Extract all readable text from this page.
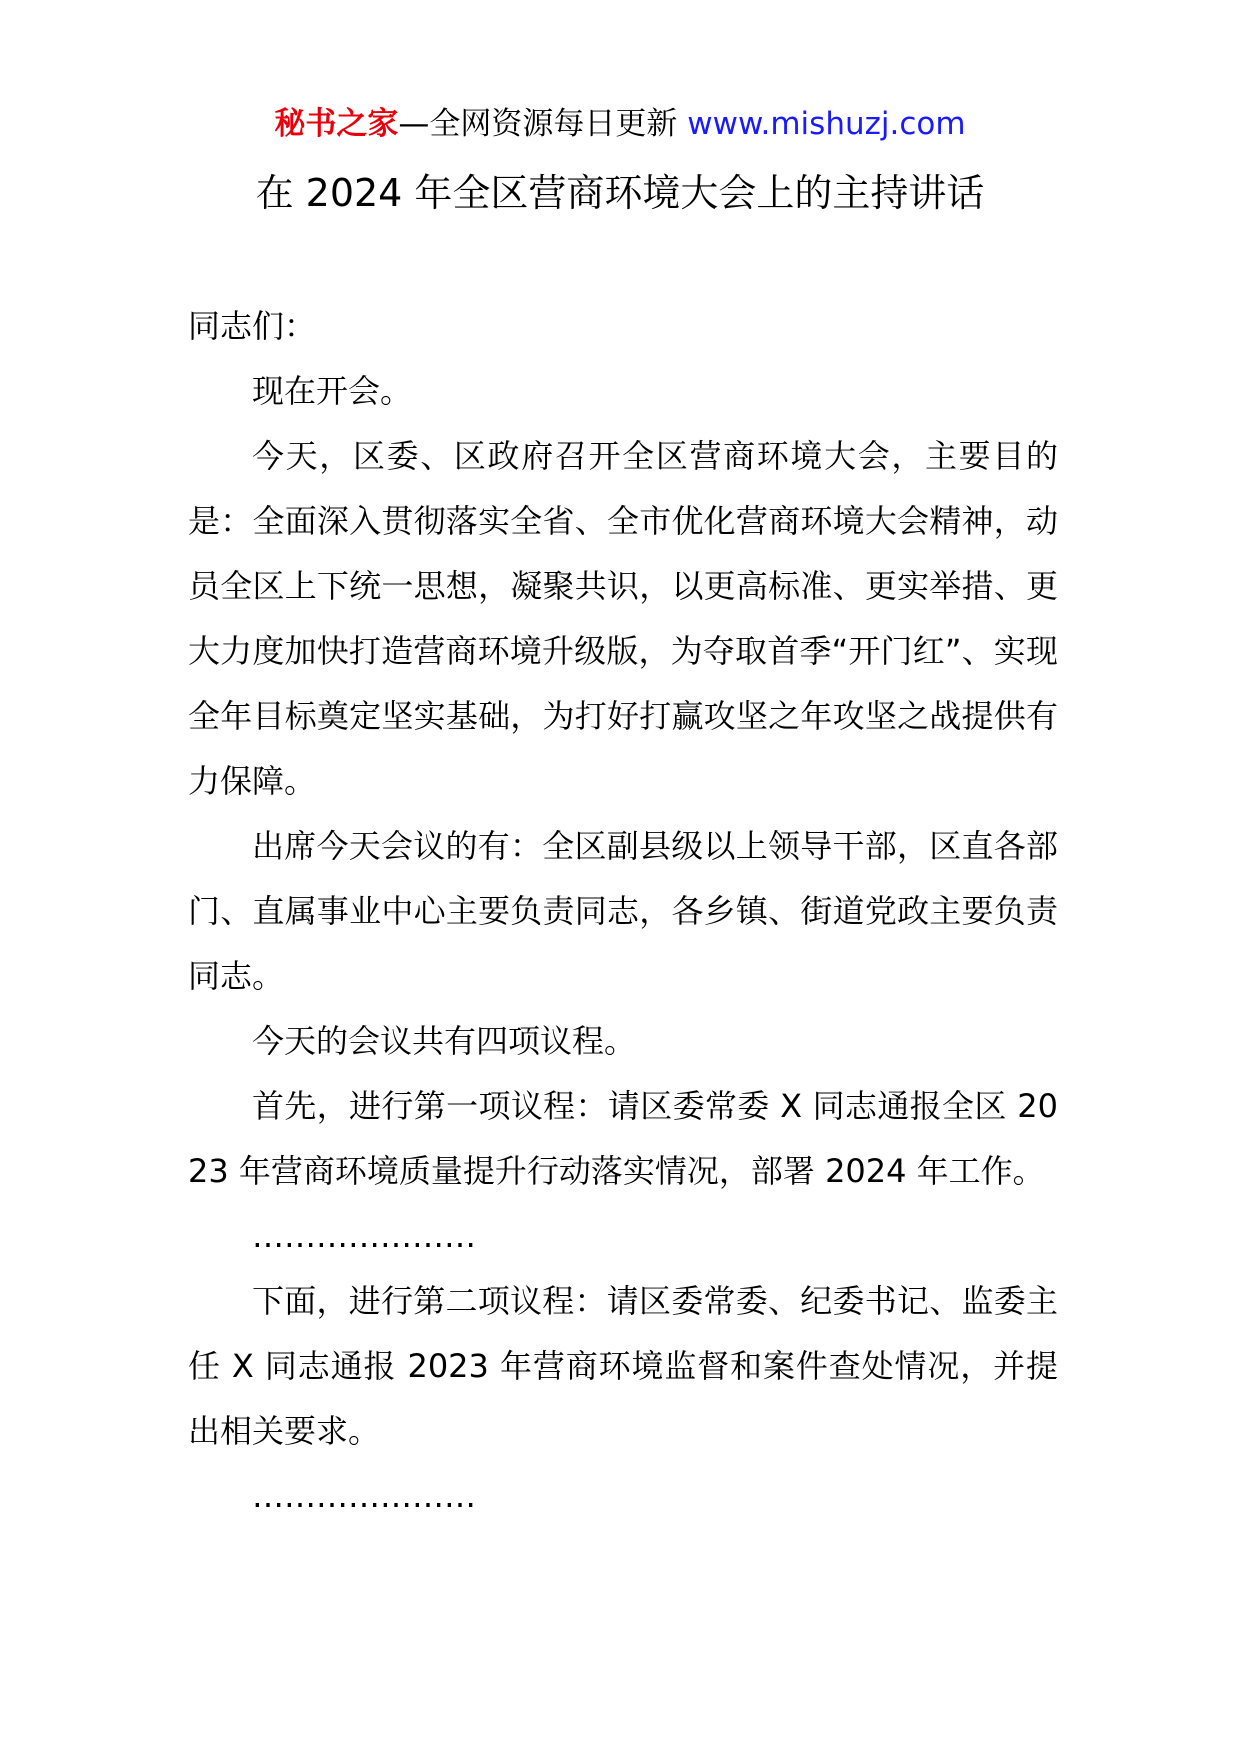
秘书之家—全网资源每日更新 www.mishuzj.com
在 2024 年全区营商环境大会上的主持讲话

同志们：

现在开会。

今天，区委、区政府召开全区营商环境大会，主要目的是：全面深入贯彻落实全省、全市优化营商环境大会精神，动员全区上下统一思想，凝聚共识，以更高标准、更实举措、更大力度加快打造营商环境升级版，为夺取首季“开门红”、实现全年目标奠定坚实基础，为打好打赢攻坚之年攻坚之战提供有力保障。

出席今天会议的有：全区副县级以上领导干部，区直各部门、直属事业中心主要负责同志，各乡镇、街道党政主要负责同志。

今天的会议共有四项议程。

首先，进行第一项议程：请区委常委 X 同志通报全区 2023 年营商环境质量提升行动落实情况，部署 2024 年工作。

…………………

下面，进行第二项议程：请区委常委、纪委书记、监委主任 X 同志通报 2023 年营商环境监督和案件查处情况，并提出相关要求。

…………………
